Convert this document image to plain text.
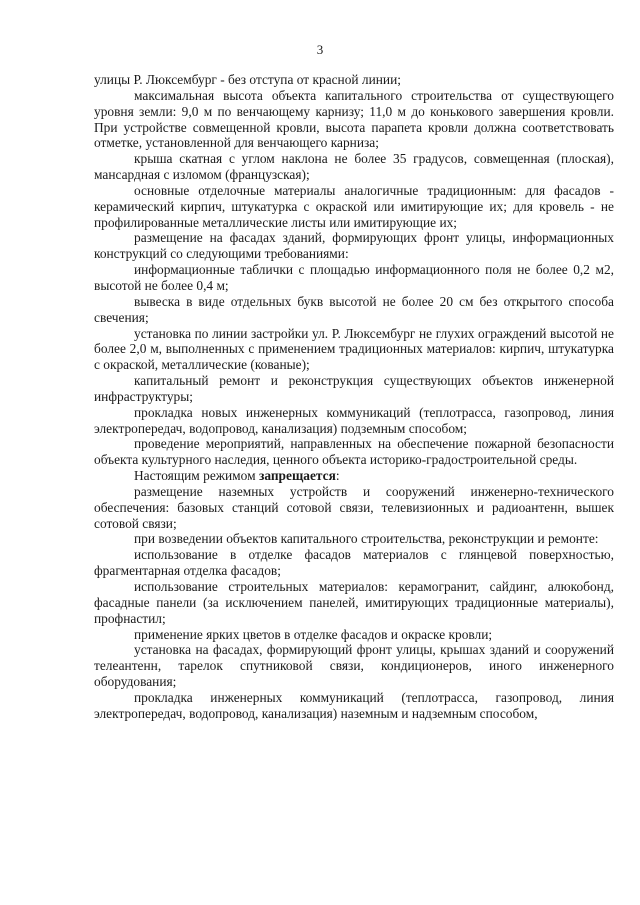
3

улицы Р. Люксембург - без отступа от красной линии;

максимальная высота объекта капитального строительства от существующего уровня земли: 9,0 м по венчающему карнизу; 11,0 м до конькового завершения кровли. При устройстве совмещенной кровли, высота парапета кровли должна соответствовать отметке, установленной для венчающего карниза;

крыша скатная с углом наклона не более 35 градусов, совмещенная (плоская), мансардная с изломом (французская);

основные отделочные материалы аналогичные традиционным: для фасадов - керамический кирпич, штукатурка с окраской или имитирующие их; для кровель - не профилированные металлические листы или имитирующие их;

размещение на фасадах зданий, формирующих фронт улицы, информационных конструкций со следующими требованиями:

информационные таблички с площадью информационного поля не более 0,2 м2, высотой не более 0,4 м;

вывеска в виде отдельных букв высотой не более 20 см без открытого способа свечения;

установка по линии застройки ул. Р. Люксембург не глухих ограждений высотой не более 2,0 м, выполненных с применением традиционных материалов: кирпич, штукатурка с окраской, металлические (кованые);

капитальный ремонт и реконструкция существующих объектов инженерной инфраструктуры;

прокладка новых инженерных коммуникаций (теплотрасса, газопровод, линия электропередач, водопровод, канализация) подземным способом;

проведение мероприятий, направленных на обеспечение пожарной безопасности объекта культурного наследия, ценного объекта историко-градостроительной среды.

Настоящим режимом запрещается:

размещение наземных устройств и сооружений инженерно-технического обеспечения: базовых станций сотовой связи, телевизионных и радиоантенн, вышек сотовой связи;

при возведении объектов капитального строительства, реконструкции и ремонте:

использование в отделке фасадов материалов с глянцевой поверхностью, фрагментарная отделка фасадов;

использование строительных материалов: керамогранит, сайдинг, алюкобонд, фасадные панели (за исключением панелей, имитирующих традиционные материалы), профнастил;

применение ярких цветов в отделке фасадов и окраске кровли;

установка на фасадах, формирующий фронт улицы, крышах зданий и сооружений телеантенн, тарелок спутниковой связи, кондиционеров, иного инженерного оборудования;

прокладка инженерных коммуникаций (теплотрасса, газопровод, линия электропередач, водопровод, канализация) наземным и надземным способом,
